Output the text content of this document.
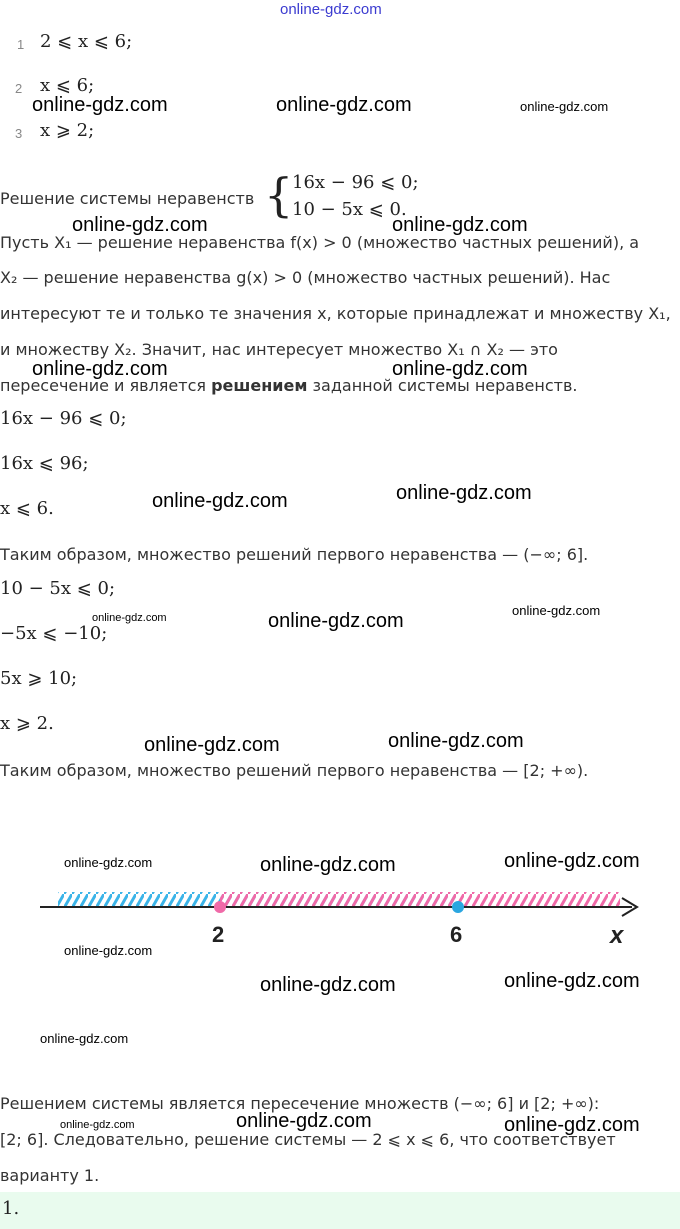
online-gdz.com
1 2 ⩽ x ⩽ 6;
2 x ⩽ 6;
3 x ⩾ 2;
Решение системы неравенств {
16x − 96 ⩽ 0;
10 − 5x ⩽ 0.
Пусть X₁ — решение неравенства f(x) > 0 (множество частных решений), а
X₂ — решение неравенства g(x) > 0 (множество частных решений). Нас
интересуют те и только те значения x, которые принадлежат и множеству X₁,
и множеству X₂. Значит, нас интересует множество X₁ ∩ X₂ — это
пересечение и является решением заданной системы неравенств.
16x − 96 ⩽ 0;
16x ⩽ 96;
x ⩽ 6.
Таким образом, множество решений первого неравенства — (−∞; 6].
10 − 5x ⩽ 0;
−5x ⩽ −10;
5x ⩾ 10;
x ⩾ 2.
Таким образом, множество решений первого неравенства — [2; +∞).
2	6	x
Решением системы является пересечение множеств (−∞; 6] и [2; +∞):
[2; 6]. Следовательно, решение системы — 2 ⩽ x ⩽ 6, что соответствует
варианту 1.
1.
online-gdz.com	online-gdz.com	online-gdz.com
online-gdz.com	online-gdz.com
online-gdz.com	online-gdz.com
online-gdz.com	online-gdz.com
online-gdz.com	online-gdz.com	online-gdz.com
online-gdz.com	online-gdz.com
online-gdz.com	online-gdz.com	online-gdz.com
online-gdz.com
online-gdz.com	online-gdz.com
online-gdz.com
online-gdz.com	online-gdz.com	online-gdz.com
